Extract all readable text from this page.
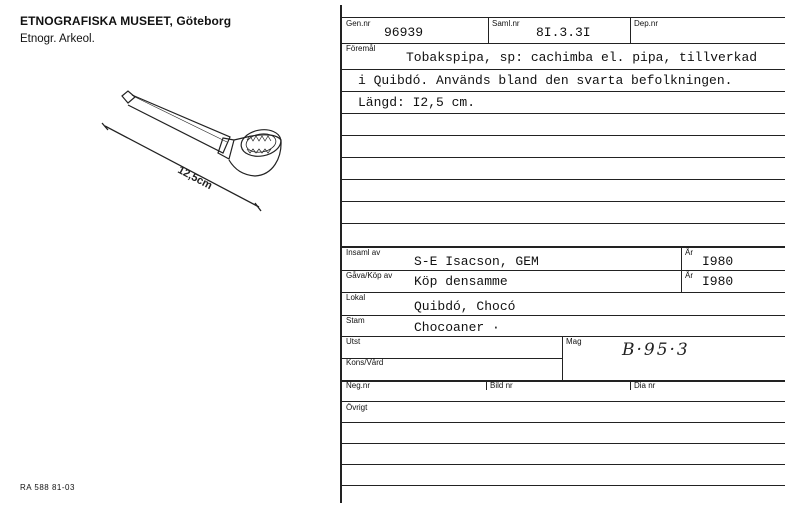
ETNOGRAFISKA MUSEET, Göteborg
Etnogr. Arkeol.
RA 588 81-03
12,5cm
Gen.nr
96939
Saml.nr
8I.3.3I
Dep.nr
Föremål
Tobakspipa, sp: cachimba el. pipa, tillverkad
i Quibdó. Används bland den svarta befolkningen.
Längd: I2,5 cm.
Insaml av
S-E Isacson, GEM
År
I980
Gåva/Köp av Köp densamme	År I980
Lokal
Quibdó, Chocó
Stam	Chocoaner ·
Utst	Mag B·95·3
Kons/Vård
Neg.nr	Bild nr	Dia nr
Övrigt
